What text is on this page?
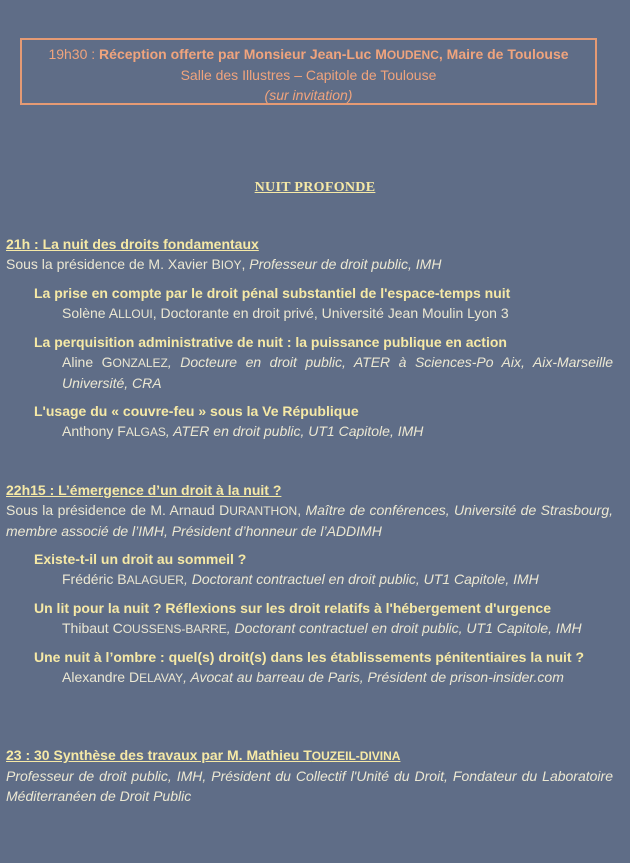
19h30 : Réception offerte par Monsieur Jean-Luc MOUDENC, Maire de Toulouse
Salle des Illustres – Capitole de Toulouse
(sur invitation)
NUIT PROFONDE
21h : La nuit des droits fondamentaux
Sous la présidence de M. Xavier BIOY, Professeur de droit public, IMH
La prise en compte par le droit pénal substantiel de l'espace-temps nuit
Solène ALLOUI, Doctorante en droit privé, Université Jean Moulin Lyon 3
La perquisition administrative de nuit : la puissance publique en action
Aline GONZALEZ, Docteure en droit public, ATER à Sciences-Po Aix, Aix-Marseille Université, CRA
L'usage du « couvre-feu » sous la Ve République
Anthony FALGAS, ATER en droit public, UT1 Capitole, IMH
22h15 : L’émergence d’un droit à la nuit ?
Sous la présidence de M. Arnaud DURANTHON, Maître de conférences, Université de Strasbourg, membre associé de l’IMH, Président d’honneur de l’ADDIMH
Existe-t-il un droit au sommeil ?
Frédéric BALAGUER, Doctorant contractuel en droit public, UT1 Capitole, IMH
Un lit pour la nuit ? Réflexions sur les droit relatifs à l'hébergement d'urgence
Thibaut COUSSENS-BARRE, Doctorant contractuel en droit public, UT1 Capitole, IMH
Une nuit à l’ombre : quel(s) droit(s) dans les établissements pénitentiaires la nuit ?
Alexandre DELAVAY, Avocat au barreau de Paris, Président de prison-insider.com
23 : 30 Synthèse des travaux par M. Mathieu TOUZEIL-DIVINA
Professeur de droit public, IMH, Président du Collectif l'Unité du Droit, Fondateur du Laboratoire Méditerranéen de Droit Public
